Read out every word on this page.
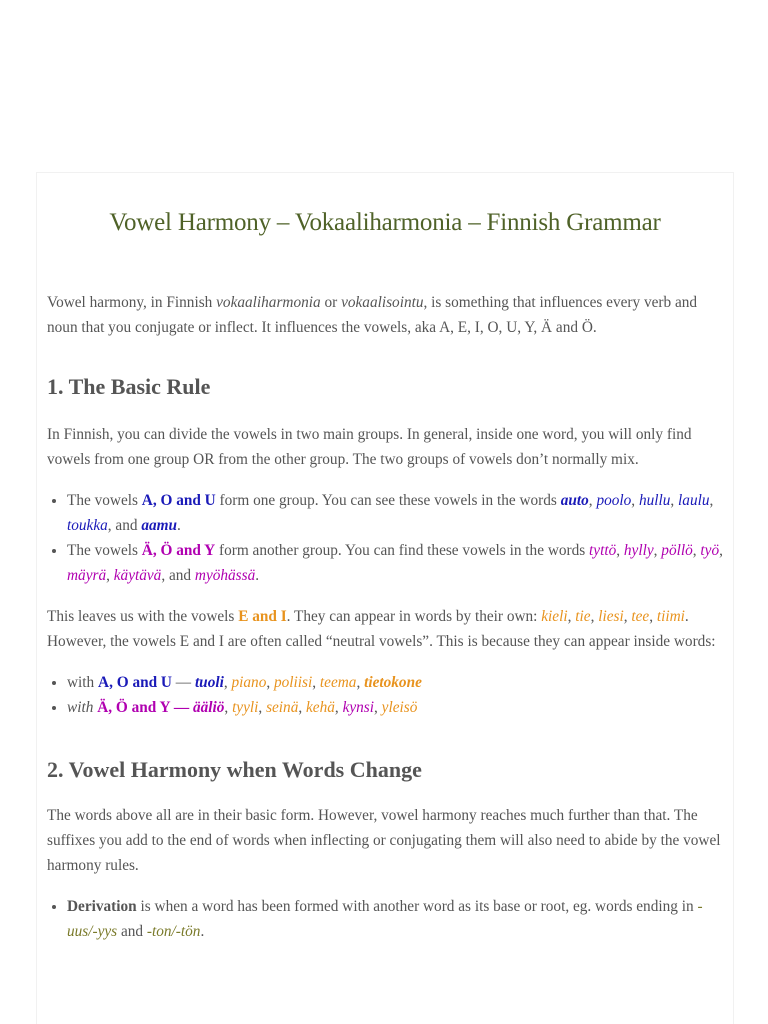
Vowel Harmony – Vokaaliharmonia – Finnish Grammar

Vowel harmony, in Finnish vokaaliharmonia or vokaalisointu, is something that influences every verb and noun that you conjugate or inflect. It influences the vowels, aka A, E, I, O, U, Y, Ä and Ö.

1. The Basic Rule

In Finnish, you can divide the vowels in two main groups. In general, inside one word, you will only find vowels from one group OR from the other group. The two groups of vowels don’t normally mix.

• The vowels A, O and U form one group. You can see these vowels in the words auto, poolo, hullu, laulu, toukka, and aamu.
• The vowels Ä, Ö and Y form another group. You can find these vowels in the words tyttö, hylly, pöllö, työ, mäyrä, käytävä, and myöhässä.

This leaves us with the vowels E and I. They can appear in words by their own: kieli, tie, liesi, tee, tiimi. However, the vowels E and I are often called “neutral vowels”. This is because they can appear inside words:

• with A, O and U — tuoli, piano, poliisi, teema, tietokone
• with Ä, Ö and Y — ääliö, tyyli, seinä, kehä, kynsi, yleisö
2. Vowel Harmony when Words Change

The words above all are in their basic form. However, vowel harmony reaches much further than that. The suffixes you add to the end of words when inflecting or conjugating them will also need to abide by the vowel harmony rules.

• Derivation is when a word has been formed with another word as its base or root, eg. words ending in -uus/-yys and -ton/-tön.
